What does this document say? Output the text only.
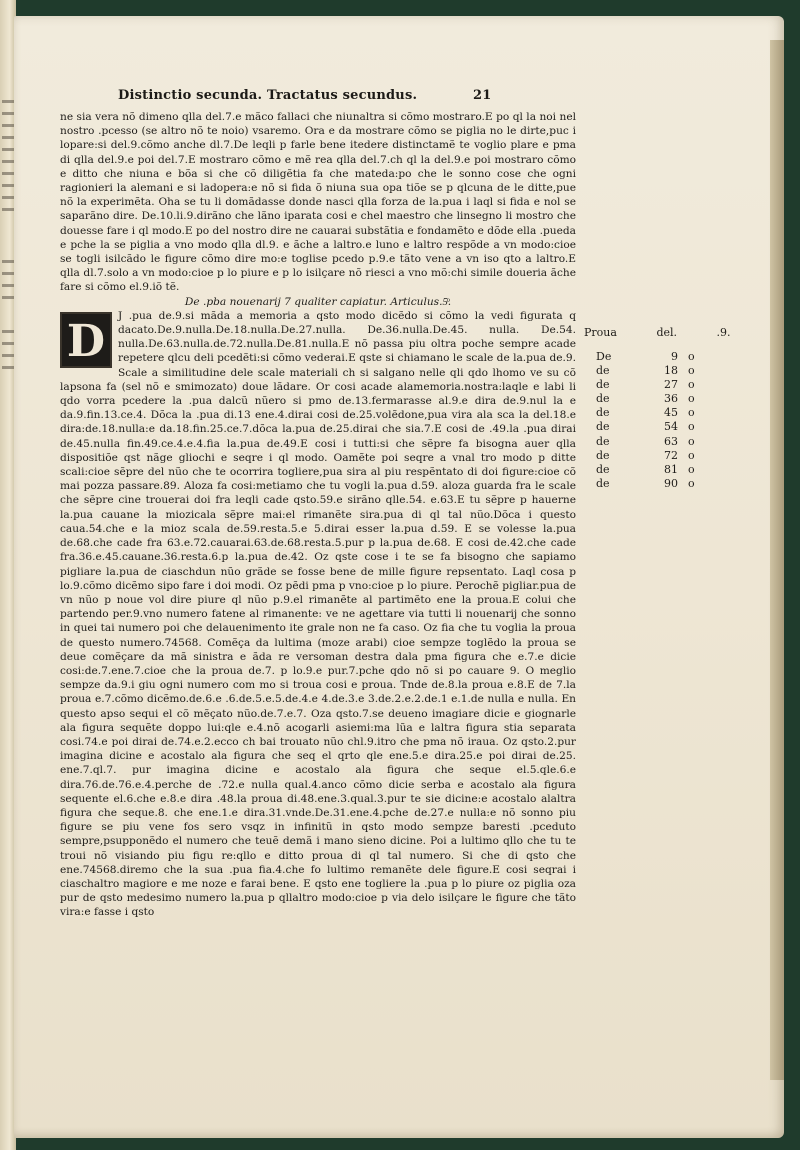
Distinctio secunda. Tractatus secundus.	21

ne sia vera nõ dimeno qlla del.7.e mãco fallaci che niunaltra si cõmo mostraro.E po ql la noi nel nostro .pcesso (se altro nõ te noio) vsaremo. Ora e da mostrare cõmo se piglia no le dirte,puc i lopare:si del.9.cõmo anche dl.7.De leqli p farle bene itedere distinctamẽ te voglio plare e pma di qlla del.9.e poi del.7.E mostraro cõmo e mẽ rea qlla del.7.ch ql la del.9.e poi mostraro cõmo e ditto che niuna e bõa si che cõ diligẽtia fa che mateda:po che le sonno cose che ogni ragionieri la alemani e si ladopera:e nõ si fida õ niuna sua opa tiõe se p qlcuna de le ditte,pue nõ la experimẽta. Oha se tu li domãdasse donde nasci qlla forza de la.pua i laql si fida e nol se saparãno dire. De.10.li.9.dirãno che lãno iparata cosi e chel maestro che linsegno li mostro che douesse fare i ql modo.E po del nostro dire ne cauarai substãtia e fondamẽto e dõde ella .pueda e pche la se piglia a vno modo qlla dl.9. e ãche a laltro.e luno e laltro respõde a vn modo:cioe se togli isilcãdo le figure cõmo dire mo:e toglise pcedo p.9.e tãto vene a vn iso qto a laltro.E qlla dl.7.solo a vn modo:cioe p lo piure e p lo isilçare nõ riesci a vno mõ:chi simile doueria ãche fare si cõmo el.9.iõ tẽ.

De .pba nouenarij 7 qualiter capiatur. Articulus.5ͦ.

D	J .pua de.9.si mãda a memoria a qsto modo dicẽdo si cõmo la vedi figurata q dacato.De.9.nulla.De.18.nulla.De.27.nulla. De.36.nulla.De.45. nulla. De.54. nulla.De.63.nulla.de.72.nulla.De.81.nulla.E nõ passa piu oltra poche sempre acade repetere qlcu deli pcedẽti:si cõmo vederai.E qste si chiamano le scale de la.pua de.9. Scale a similitudine dele scale materiali ch si salgano nelle qli qdo lhomo ve su cõ lapsona fa (sel nõ e smimozato) doue lãdare. Or cosi acade alamemoria.nostra:laqle e labi li qdo vorra pcedere la .pua dalcũ nũero si pmo de.13.fermarasse al.9.e dira de.9.nul la e da.9.fin.13.ce.4. Dõca la .pua di.13 ene.4.dirai cosi de.25.volẽdone,pua vira ala sca la del.18.e dira:de.18.nulla:e da.18.fin.25.ce.7.dõca la.pua de.25.dirai che sia.7.E cosi de .49.la .pua dirai de.45.nulla fin.49.ce.4.e.4.fia la.pua de.49.E cosi i tutti:si che sẽpre fa bisogna auer qlla dispositiõe qst nãge gliochi e seqre i ql modo. Oamẽte poi seqre a vnal tro modo p ditte scali:cioe sẽpre del nũo che te ocorrira togliere,pua sira al piu respẽntato di doi figure:cioe cõ mai pozza passare.89. Aloza fa cosi:metiamo che tu vogli la.pua d.59. aloza guarda fra le scale che sẽpre cine trouerai doi fra leqli cade qsto.59.e sirãno qlle.54. e.63.E tu sẽpre p hauerne la.pua cauane la miozicala sẽpre mai:el rimanẽte sira.pua di ql tal nũo.Dõca i questo caua.54.che e la mioz scala de.59.resta.5.e 5.dirai esser la.pua d.59. E se volesse la.pua de.68.che cade fra 63.e.72.cauarai.63.de.68.resta.5.pur p la.pua de.68. E cosi de.42.che cade fra.36.e.45.cauane.36.resta.6.p la.pua de.42. Oz qste cose i te se fa bisogno che sapiamo pigliare la.pua de ciaschdun nũo grãde se fosse bene de mille figure repsentato. Laql cosa p lo.9.cõmo dicẽmo sipo fare i doi modi. Oz pẽdi pma p vno:cioe p lo piure. Perochẽ pigliar.pua de vn nũo p noue vol dire piure ql nũo p.9.el rimanẽte al partimẽto ene la proua.E colui che partendo per.9.vno numero fatene al rimanente: ve ne agettare via tutti li nouenarij che sonno in quei tai numero poi che delauenimento ite grale non ne fa caso. Oz fia che tu voglia la proua de questo numero.74568. Comẽça da lultima (moze arabi) cioe sempze toglẽdo la proua se deue comẽçare da mã sinistra e ãda re versoman destra dala pma figura che e.7.e dicie cosi:de.7.ene.7.cioe che la proua de.7. p lo.9.e pur.7.pche qdo nõ si po cauare 9. O meglio sempze da.9.i giu ogni numero com mo si troua cosi e proua. Tnde de.8.la proua e.8.E de 7.la proua e.7.cõmo dicẽmo.de.6.e .6.de.5.e.5.de.4.e 4.de.3.e 3.de.2.e.2.de.1 e.1.de nulla e nulla. En questo apso sequi el cõ mẽçato nũo.de.7.e.7. Oza qsto.7.se deueno imagiare dicie e giognarle ala figura sequẽte doppo lui:qle e.4.nõ acogarli asiemi:ma lũa e laltra figura stia separata cosi.74.e poi dirai de.74.e.2.ecco ch bai trouato nũo chl.9.itro che pma nõ iraua. Oz qsto.2.pur imagina dicine e acostalo ala figura che seq el qrto qle ene.5.e dira.25.e poi dirai de.25. ene.7.ql.7. pur imagina dicine e acostalo ala figura che seque el.5.qle.6.e dira.76.de.76.e.4.perche de .72.e nulla qual.4.anco cõmo dicie serba e acostalo ala figura sequente el.6.che e.8.e dira .48.la proua di.48.ene.3.qual.3.pur te sie dicine:e acostalo alaltra figura che seque.8. che ene.1.e dira.31.vnde.De.31.ene.4.pche de.27.e nulla:e nõ sonno piu figure se piu vene fos sero vsqz in infinitũ in qsto modo sempze baresti .pceduto sempre,psupponẽdo el numero che teuẽ demã i mano sieno dicine. Poi a lultimo qllo che tu te troui nõ visiando piu figu re:qllo e ditto proua di ql tal numero. Si che di qsto che ene.74568.diremo che la sua .pua fia.4.che fo lultimo remanẽte dele figure.E cosi seqrai i ciaschaltro magiore e me noze e farai bene. E qsto ene togliere la .pua p lo piure oz piglia oza pur de qsto medesimo numero la.pua p qllaltro modo:cioe p via delo isilçare le figure che tãto vira:e fasse i qsto

Proua	del.	.9.
De	9 o
de	18 o
de	27 o
de	36 o
de	45 o
de	54 o
de	63 o
de	72 o
de	81 o
de	90 o
